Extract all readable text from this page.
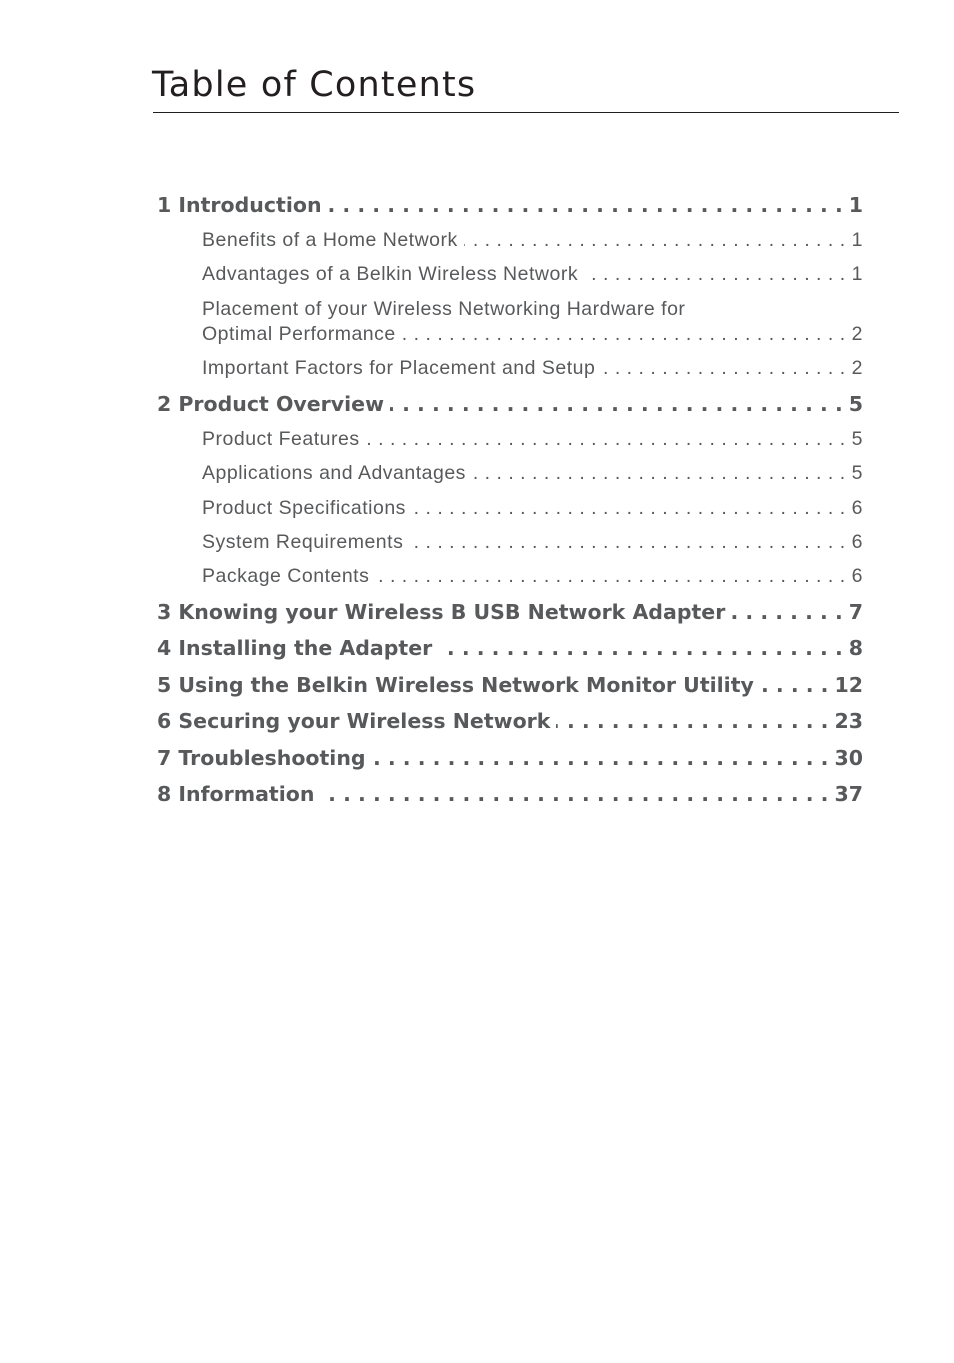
Table of Contents
1 Introduction . . .	1
Benefits of a Home Network . . .	1
Advantages of a Belkin Wireless Network . . .	1
Placement of your Wireless Networking Hardware for
Optimal Performance . . .	2
Important Factors for Placement and Setup . . .	2
2 Product Overview . . .	5
Product Features . . .	5
Applications and Advantages . . .	5
Product Specifications . . .	6
System Requirements . . .	6
Package Contents . . .	6
3 Knowing your Wireless B USB Network Adapter . . .	7
4 Installing the Adapter . . .	8
5 Using the Belkin Wireless Network Monitor Utility . . .	12
6 Securing your Wireless Network . . .	23
7 Troubleshooting . . .	30
8 Information . . .	37
